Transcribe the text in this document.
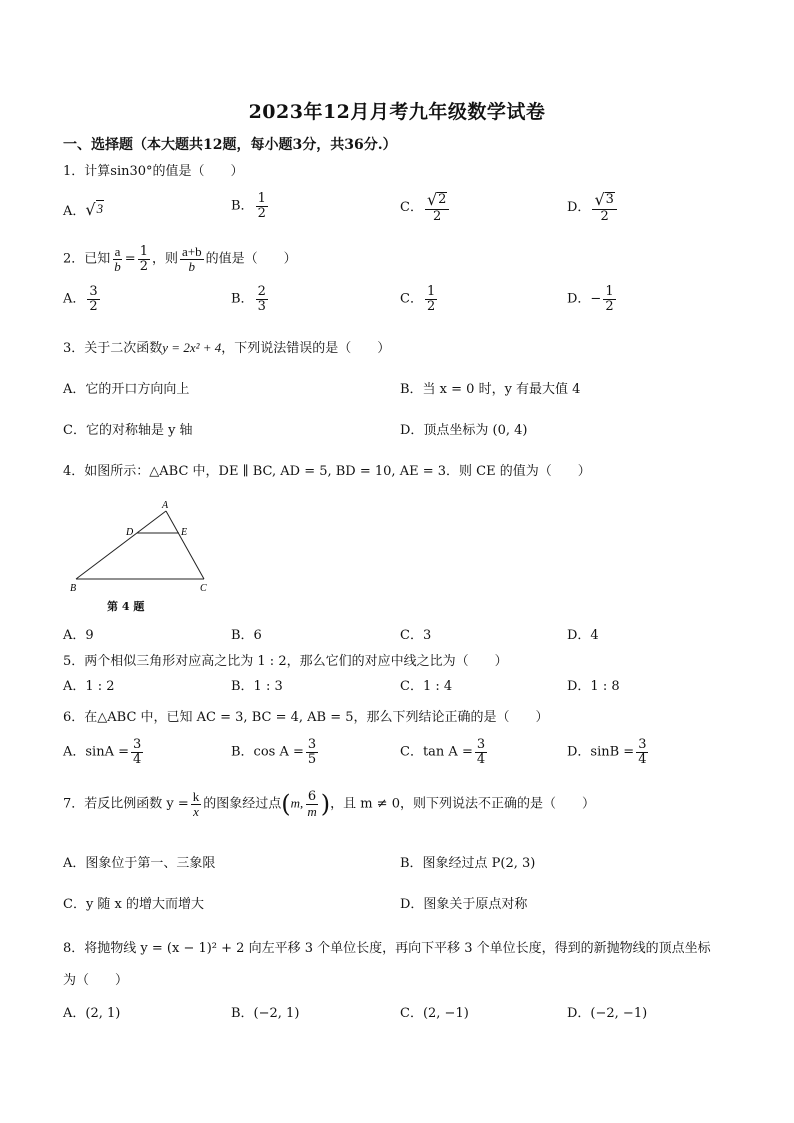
2023年12月月考九年级数学试卷
一、选择题（本大题共12题，每小题3分，共36分.）
1．计算sin30°的值是（　　）
A． √ 3	B． $\frac{1}{2}$	C． $\frac{√ 2}{2}$	D． $\frac{√ 3}{2}$
2．已知 $\frac{a}{b} = \frac{1}{2}$ ，则 $\frac{a+b}{b}$ 的值是（　　）
A． $\frac{3}{2}$	B． $\frac{2}{3}$	C． $\frac{1}{2}$	D．− $\frac{1}{2}$
3．关于二次函数y = 2x² + 4，下列说法错误的是（　　）
A．它的开口方向向上	B．当 x = 0 时，y 有最大值 4
C．它的对称轴是 y 轴	D．顶点坐标为 (0, 4)
4．如图所示：△ABC 中，DE ∥ BC, AD = 5, BD = 10, AE = 3．则 CE 的值为（　　）
A
D	E
B	C
第 4 题
A．9	B．6	C．3	D．4
5．两个相似三角形对应高之比为 1 : 2，那么它们的对应中线之比为（　　）
A．1 : 2	B．1 : 3	C．1 : 4	D．1 : 8
6．在△ABC 中，已知 AC = 3, BC = 4, AB = 5，那么下列结论正确的是（　　）
A．$\sin A = \frac{3}{4}$	B．$\cos A = \frac{3}{5}$	C．$\tan A = \frac{3}{4}$	D．$\sin B = \frac{3}{4}$
7．若反比例函数 $y = \frac{k}{x}$ 的图象经过点(m, $\frac{6}{m}$ )，且 m ≠ 0，则下列说法不正确的是（　　）
A．图象位于第一、三象限	B．图象经过点 P(2, 3)
C．y 随 x 的增大而增大	D．图象关于原点对称
8．将抛物线 y = (x − 1)² + 2 向左平移 3 个单位长度，再向下平移 3 个单位长度，得到的新抛物线的顶点坐标
为（　　）
A．(2, 1)	B．(−2, 1)	C．(2, −1)	D．(−2, −1)
